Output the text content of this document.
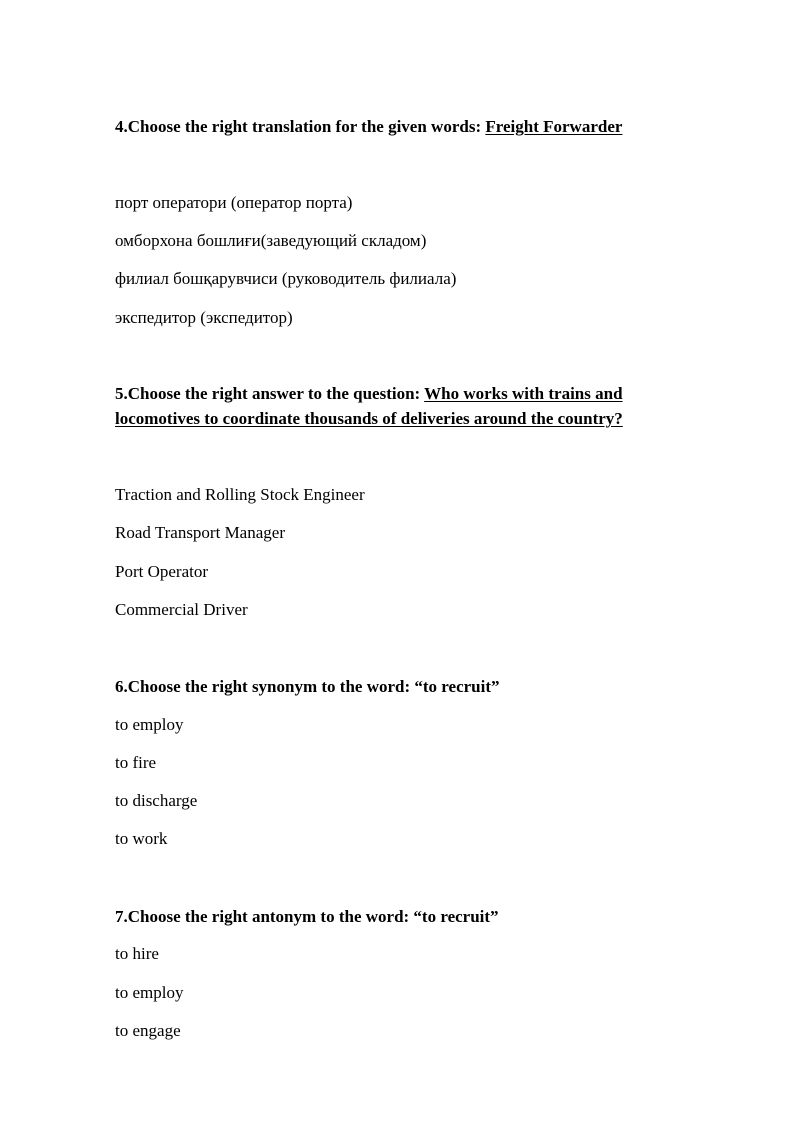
4.Choose the right translation for the given words: Freight Forwarder

порт оператори (оператор порта)

омборхона бошлиғи(заведующий складом)

филиал бошқарувчиси (руководитель филиала)

экспедитор (экспедитор)

5.Choose the right answer to the question: Who works with trains and

locomotives to coordinate thousands of deliveries around the country?

Traction and Rolling Stock Engineer

Road Transport Manager

Port Operator

Commercial Driver

6.Choose the right synonym to the word: “to recruit”

to employ

to fire

to discharge

to work

7.Choose the right antonym to the word: “to recruit”

to hire

to employ

to engage
